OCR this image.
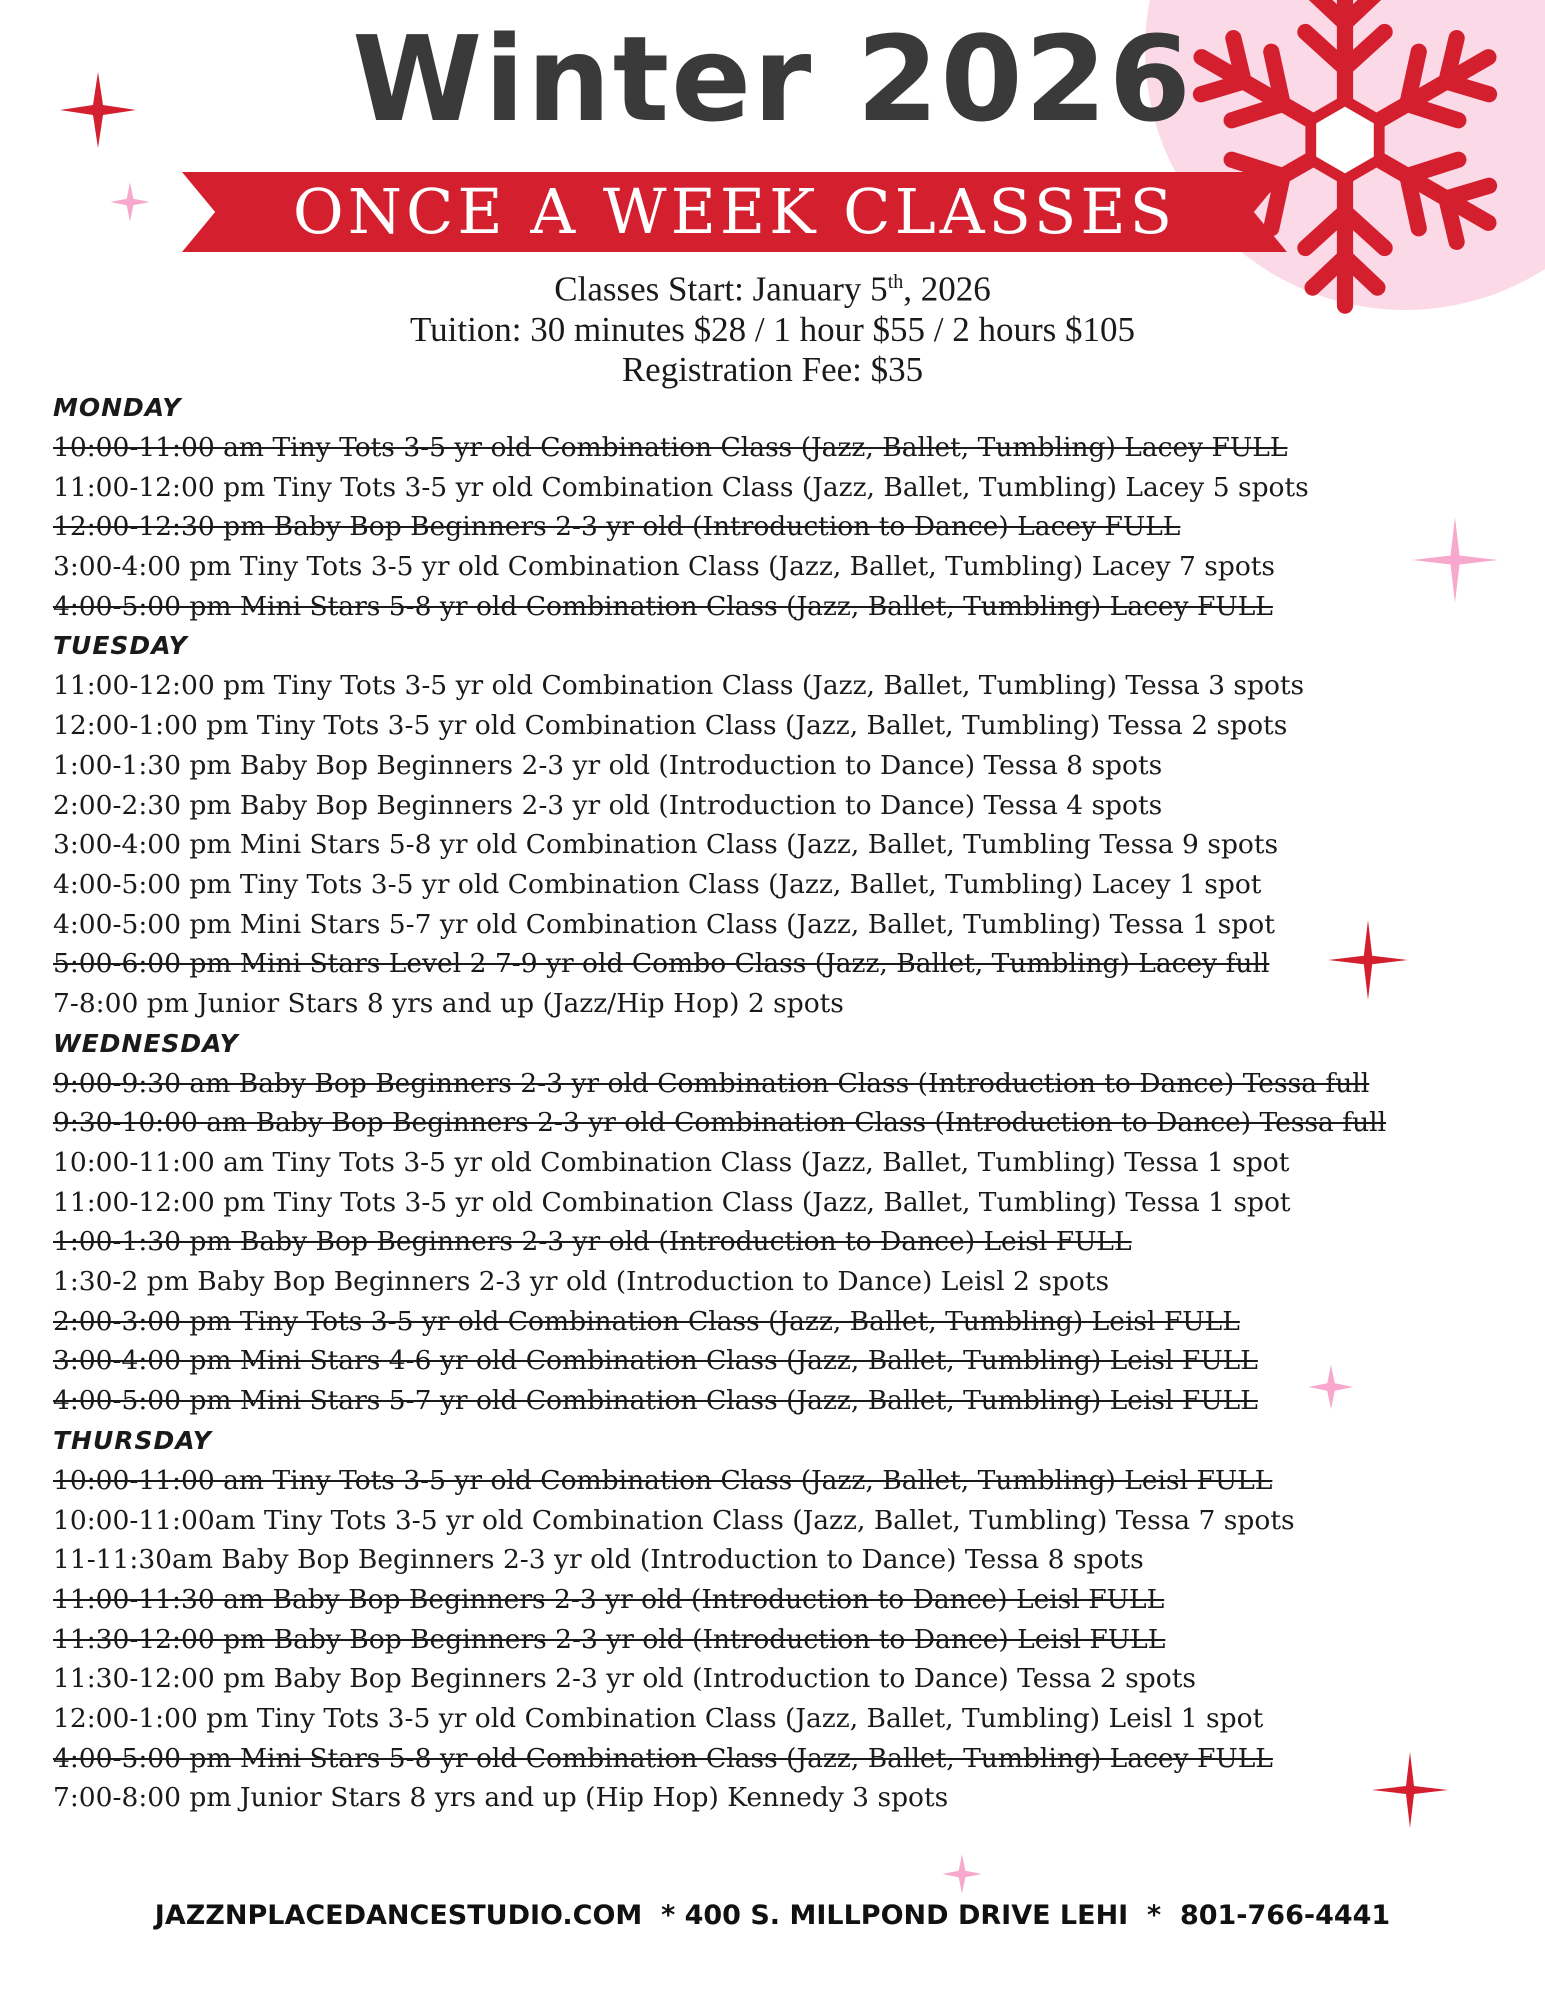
Winter 2026
ONCE A WEEK CLASSES
Classes Start: January 5th, 2026
Tuition: 30 minutes $28 / 1 hour $55 / 2 hours $105
Registration Fee: $35
MONDAY
10:00-11:00 am Tiny Tots 3-5 yr old Combination Class (Jazz, Ballet, Tumbling) Lacey FULL
11:00-12:00 pm Tiny Tots 3-5 yr old Combination Class (Jazz, Ballet, Tumbling) Lacey 5 spots
12:00-12:30 pm Baby Bop Beginners 2-3 yr old (Introduction to Dance) Lacey FULL
3:00-4:00 pm Tiny Tots 3-5 yr old Combination Class (Jazz, Ballet, Tumbling) Lacey 7 spots
4:00-5:00 pm Mini Stars 5-8 yr old Combination Class (Jazz, Ballet, Tumbling) Lacey FULL
TUESDAY
11:00-12:00 pm Tiny Tots 3-5 yr old Combination Class (Jazz, Ballet, Tumbling) Tessa 3 spots
12:00-1:00 pm Tiny Tots 3-5 yr old Combination Class (Jazz, Ballet, Tumbling) Tessa 2 spots
1:00-1:30 pm Baby Bop Beginners 2-3 yr old (Introduction to Dance) Tessa 8 spots
2:00-2:30 pm Baby Bop Beginners 2-3 yr old (Introduction to Dance) Tessa 4 spots
3:00-4:00 pm Mini Stars 5-8 yr old Combination Class (Jazz, Ballet, Tumbling Tessa 9 spots
4:00-5:00 pm Tiny Tots 3-5 yr old Combination Class (Jazz, Ballet, Tumbling) Lacey 1 spot
4:00-5:00 pm Mini Stars 5-7 yr old Combination Class (Jazz, Ballet, Tumbling) Tessa 1 spot
5:00-6:00 pm Mini Stars Level 2 7-9 yr old Combo Class (Jazz, Ballet, Tumbling) Lacey full
7-8:00 pm Junior Stars 8 yrs and up (Jazz/Hip Hop) 2 spots
WEDNESDAY
9:00-9:30 am Baby Bop Beginners 2-3 yr old Combination Class (Introduction to Dance) Tessa full
9:30-10:00 am Baby Bop Beginners 2-3 yr old Combination Class (Introduction to Dance) Tessa full
10:00-11:00 am Tiny Tots 3-5 yr old Combination Class (Jazz, Ballet, Tumbling) Tessa 1 spot
11:00-12:00 pm Tiny Tots 3-5 yr old Combination Class (Jazz, Ballet, Tumbling) Tessa 1 spot
1:00-1:30 pm Baby Bop Beginners 2-3 yr old (Introduction to Dance) Leisl FULL
1:30-2 pm Baby Bop Beginners 2-3 yr old (Introduction to Dance) Leisl 2 spots
2:00-3:00 pm Tiny Tots 3-5 yr old Combination Class (Jazz, Ballet, Tumbling) Leisl FULL
3:00-4:00 pm Mini Stars 4-6 yr old Combination Class (Jazz, Ballet, Tumbling) Leisl FULL
4:00-5:00 pm Mini Stars 5-7 yr old Combination Class (Jazz, Ballet, Tumbling) Leisl FULL
THURSDAY
10:00-11:00 am Tiny Tots 3-5 yr old Combination Class (Jazz, Ballet, Tumbling) Leisl FULL
10:00-11:00am Tiny Tots 3-5 yr old Combination Class (Jazz, Ballet, Tumbling) Tessa 7 spots
11-11:30am Baby Bop Beginners 2-3 yr old (Introduction to Dance) Tessa 8 spots
11:00-11:30 am Baby Bop Beginners 2-3 yr old (Introduction to Dance) Leisl FULL
11:30-12:00 pm Baby Bop Beginners 2-3 yr old (Introduction to Dance) Leisl FULL
11:30-12:00 pm Baby Bop Beginners 2-3 yr old (Introduction to Dance) Tessa 2 spots
12:00-1:00 pm Tiny Tots 3-5 yr old Combination Class (Jazz, Ballet, Tumbling) Leisl 1 spot
4:00-5:00 pm Mini Stars 5-8 yr old Combination Class (Jazz, Ballet, Tumbling) Lacey FULL
7:00-8:00 pm Junior Stars 8 yrs and up (Hip Hop) Kennedy 3 spots
JAZZNPLACEDANCESTUDIO.COM  * 400 S. MILLPOND DRIVE LEHI  *  801-766-4441
